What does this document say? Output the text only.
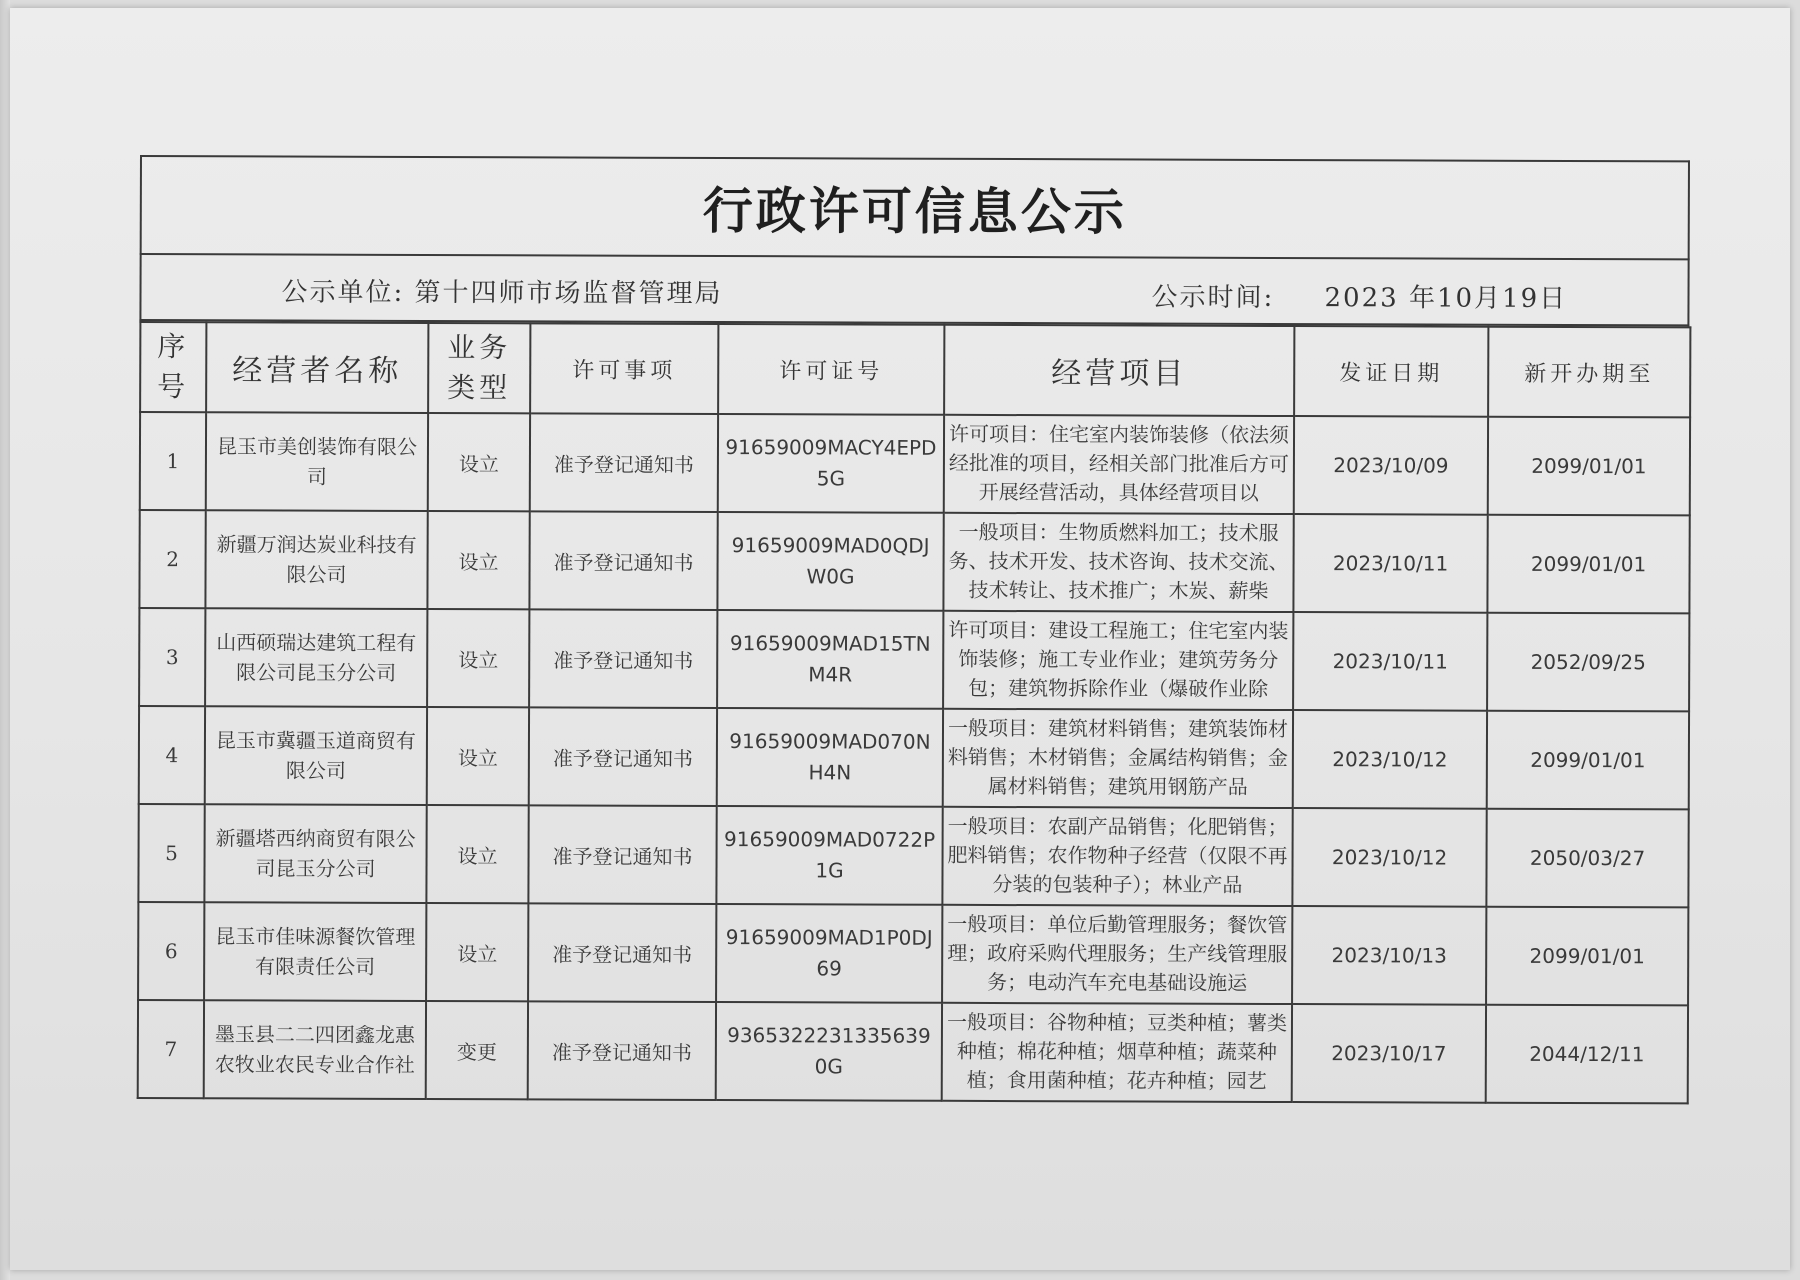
行政许可信息公示

公示单位: 第十四师市场监督管理局	公示时间: 2023 年10月19日
序号	经营者名称	业务类型	许可事项	许可证号	经营项目	发证日期	新开办期至
1	昆玉市美创装饰有限公司	设立	准予登记通知书	91659009MACY4EPD5G	许可项目：住宅室内装饰装修（依法须经批准的项目，经相关部门批准后方可开展经营活动，具体经营项目以	2023/10/09	2099/01/01
2	新疆万润达炭业科技有限公司	设立	准予登记通知书	91659009MAD0QDJW0G	一般项目：生物质燃料加工；技术服务、技术开发、技术咨询、技术交流、技术转让、技术推广；木炭、薪柴	2023/10/11	2099/01/01
3	山西硕瑞达建筑工程有限公司昆玉分公司	设立	准予登记通知书	91659009MAD15TNM4R	许可项目：建设工程施工；住宅室内装饰装修；施工专业作业；建筑劳务分包；建筑物拆除作业（爆破作业除	2023/10/11	2052/09/25
4	昆玉市冀疆玉道商贸有限公司	设立	准予登记通知书	91659009MAD070NH4N	一般项目：建筑材料销售；建筑装饰材料销售；木材销售；金属结构销售；金属材料销售；建筑用钢筋产品	2023/10/12	2099/01/01
5	新疆塔西纳商贸有限公司昆玉分公司	设立	准予登记通知书	91659009MAD0722P1G	一般项目：农副产品销售；化肥销售；肥料销售；农作物种子经营（仅限不再分装的包装种子）；林业产品	2023/10/12	2050/03/27
6	昆玉市佳味源餐饮管理有限责任公司	设立	准予登记通知书	91659009MAD1P0DJ69	一般项目：单位后勤管理服务；餐饮管理；政府采购代理服务；生产线管理服务；电动汽车充电基础设施运	2023/10/13	2099/01/01
7	墨玉县二二四团鑫龙惠农牧业农民专业合作社	变更	准予登记通知书	93653222313356390G	一般项目：谷物种植；豆类种植；薯类种植；棉花种植；烟草种植；蔬菜种植；食用菌种植；花卉种植；园艺	2023/10/17	2044/12/11
